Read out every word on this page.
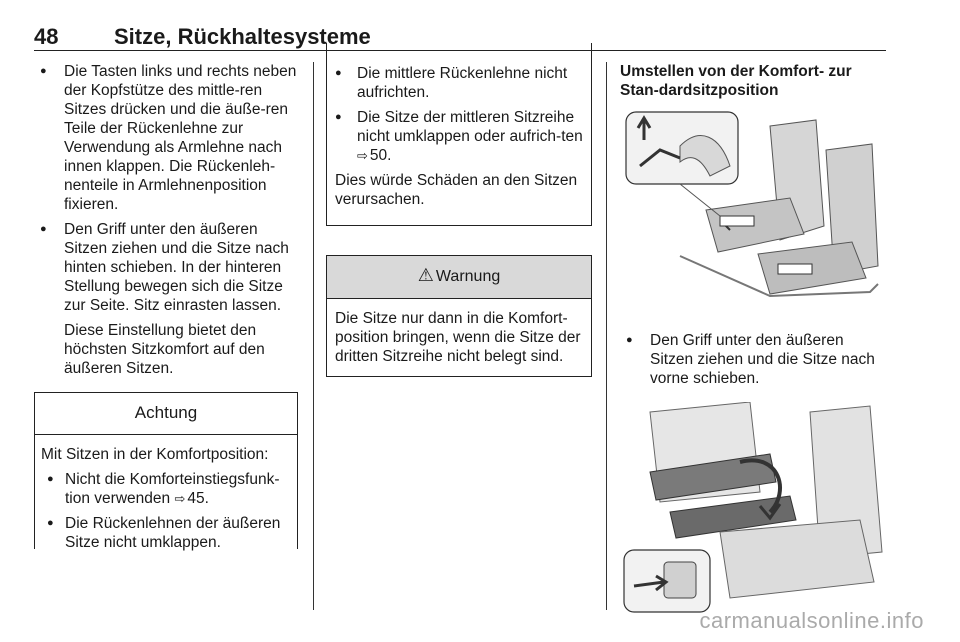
48	Sitze, Rückhaltesysteme

● Die Tasten links und rechts neben der Kopfstütze des mittle-ren Sitzes drücken und die äuße-ren Teile der Rückenlehne zur Verwendung als Armlehne nach innen klappen. Die Rückenleh-nenteile in Armlehnenposition fixieren.

● Den Griff unter den äußeren Sitzen ziehen und die Sitze nach hinten schieben. In der hinteren Stellung bewegen sich die Sitze zur Seite. Sitz einrasten lassen.

Diese Einstellung bietet den höchsten Sitzkomfort auf den äußeren Sitzen.

Achtung

Mit Sitzen in der Komfortposition:

● Nicht die Komforteinstiegsfunk-tion verwenden ⇨ 45.

● Die Rückenlehnen der äußeren Sitze nicht umklappen.

● Die mittlere Rückenlehne nicht aufrichten.

● Die Sitze der mittleren Sitzreihe nicht umklappen oder aufrich-ten ⇨ 50.

Dies würde Schäden an den Sitzen verursachen.

⚠ Warnung
Die Sitze nur dann in die Komfort-position bringen, wenn die Sitze der dritten Sitzreihe nicht belegt sind.

Umstellen von der Komfort- zur Stan-dardsitzposition

● Den Griff unter den äußeren Sitzen ziehen und die Sitze nach vorne schieben.

carmanualsonline.info
